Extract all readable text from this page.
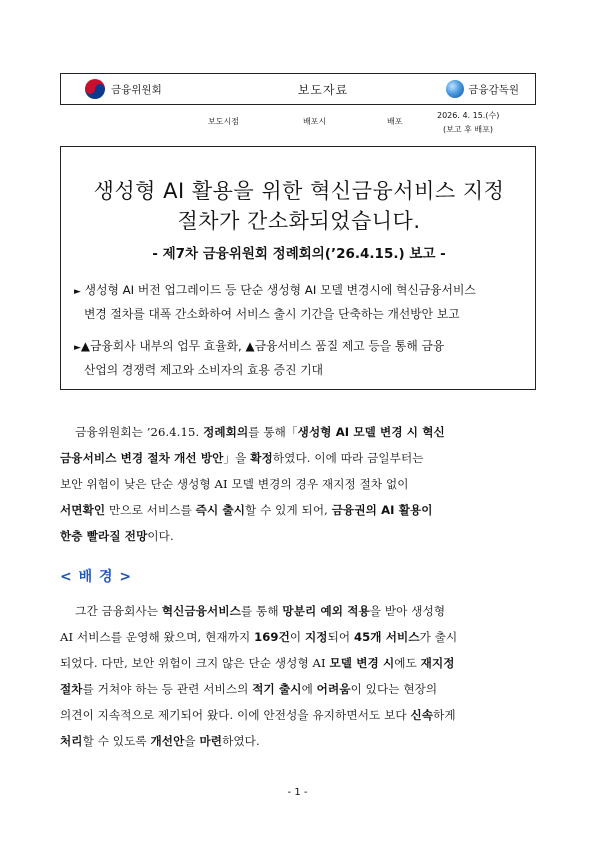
금융위원회	보도자료	금융감독원
보도시점	배포시	배포
2026. 4. 15.(수)
(보고 후 배포)
생성형 AI 활용을 위한 혁신금융서비스 지정
절차가 간소화되었습니다.
- 제7차 금융위원회 정례회의(’26.4.15.) 보고 -
► 생성형 AI 버전 업그레이드 등 단순 생성형 AI 모델 변경시에 혁신금융서비스
변경 절차를 대폭 간소화하여 서비스 출시 기간을 단축하는 개선방안 보고
►▲금융회사 내부의 업무 효율화, ▲금융서비스 품질 제고 등을 통해 금융
산업의 경쟁력 제고와 소비자의 효용 증진 기대
금융위원회는 ’26.4.15. 정례회의를 통해「생성형 AI 모델 변경 시 혁신
금융서비스 변경 절차 개선 방안」을 확정하였다. 이에 따라 금일부터는
보안 위험이 낮은 단순 생성형 AI 모델 변경의 경우 재지정 절차 없이
서면확인 만으로 서비스를 즉시 출시할 수 있게 되어, 금융권의 AI 활용이
한층 빨라질 전망이다.
< 배 경 >
그간 금융회사는 혁신금융서비스를 통해 망분리 예외 적용을 받아 생성형
AI 서비스를 운영해 왔으며, 현재까지 169건이 지정되어 45개 서비스가 출시
되었다. 다만, 보안 위험이 크지 않은 단순 생성형 AI 모델 변경 시에도 재지정
절차를 거쳐야 하는 등 관련 서비스의 적기 출시에 어려움이 있다는 현장의
의견이 지속적으로 제기되어 왔다. 이에 안전성을 유지하면서도 보다 신속하게
처리할 수 있도록 개선안을 마련하였다.
- 1 -
